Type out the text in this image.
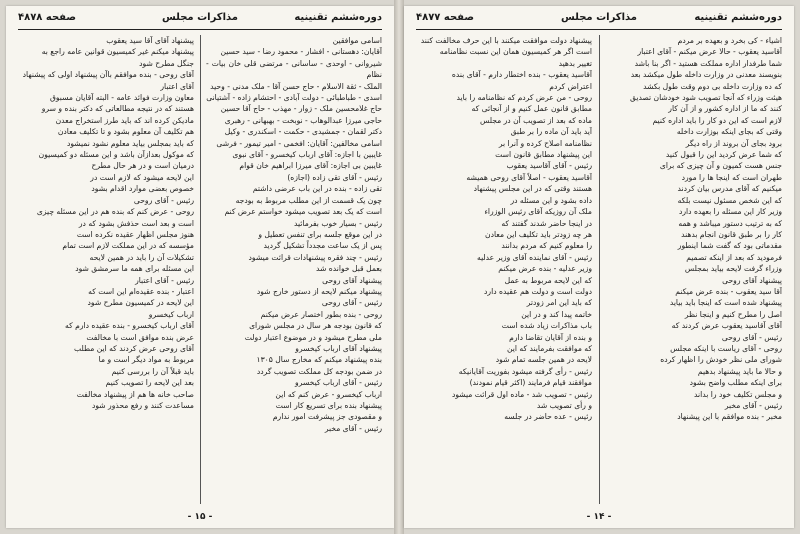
دوره‌ششم تقنینیه
مذاکرات مجلس
صفحه ۴۸۷۸

اسامی موافقین

آقایان: دهستانی - افشار - محمود رضا - سید حسین

شیروانی - اوحدی - ساسانی - مرتضی قلی خان بیات - نظام

الملک - ثقة الاسلام - حاج حسن آقا - ملک مدنی - وحید

اسدی - طباطبائی - دولت آبادی - احتشام زاده - آشتیانی

حاج غلامحسین ملک - زوار - مهذب - حاج آقا حسین

حاجی میرزا عبدالوهاب - نوبخت - بهبهانی - رهبری

دکتر لقمان - جمشیدی - حکمت - اسکندری - وکیل

اسامی مخالفین: آقایان: افخمی - امیر تیمور - فرشی

غایبین با اجازه: آقای ارباب کیخسرو - آقای نبوی

غایبین بی اجازه: آقای میرزا ابراهیم خان قوام

رئیس - آقای تقی زاده (اجازه)

تقی زاده - بنده در این باب عرضی داشتم

چون یک قسمت از این مطلب مربوط به بودجه

است که یک بعد تصویب میشود خواستم عرض کنم

رئیس - بسیار خوب بفرمائید

در این موقع جلسه برای تنفس تعطیل و

پس از یک ساعت مجدداً تشکیل گردید

رئیس - چند فقره پیشنهادات قرائت میشود

بعمل قبل خوانده شد

پیشنهاد آقای روحی

پیشنهاد میکنم لایحه از دستور خارج شود

رئیس - آقای روحی

روحی - بنده بطور اختصار عرض میکنم

که قانون بودجه هر سال در مجلس شورای

ملی مطرح میشود و در موضوع اعتبار دولت

پیشنهاد آقای ارباب کیخسرو

بنده پیشنهاد میکنم که مخارج سال ۱۳۰۵

در ضمن بودجه کل مملکت تصویب گردد

رئیس - آقای ارباب کیخسرو

ارباب کیخسرو - عرض کنم که این

پیشنهاد بنده برای تسریع کار است

و مقصودی جز پیشرفت امور ندارم

رئیس - آقای مخبر

پیشنهاد آقای آقا سید یعقوب

پیشنهاد میکنم غیر کمیسیون قوانین عامه راجع به

جنگل مطرح شود

آقای روحی - بنده موافقم باآن پیشنهاد اولی که پیشنهاد

آقای اعتبار

معاون وزارت فوائد عامه - البته آقایان مسبوق

هستند که در نتیجه مطالعاتی که دکتر بنده و سرو

مادیکن کرده اند که باید طرز استخراج معدن

هم تکلیف آن معلوم بشود و تا تکلیف معادن

که باید بمجلس بیاید معلوم نشود نمیشود

که موکول بعدازآن باشد و این مسئله دو کمیسیون

درمیان است و در هر حال مطرح

این لایحه میشود که لازم است در

خصوص بعضی موارد اقدام بشود

رئیس - آقای روحی

روحی - عرض کنم که بنده هم در این مسئله چیزی

است و بعد است حذفش بشود که در

هنوز مجلس اظهار عقیده نکرده است

مؤسسه که در این مملکت لازم است تمام

تشکیلات آن را باید در همین لایحه

این مسئله برای همه ما سرمشق شود

رئیس - آقای اعتبار

اعتبار - بنده عقیده‌ام این است که

این لایحه در کمیسیون مطرح شود

ارباب کیخسرو

آقای ارباب کیخسرو - بنده عقیده دارم که

عرض بنده موافق است با مخالفت

آقای روحی عرض کردند که این مطلب

مربوط به مواد دیگر است و ما

باید قبلاً آن را بررسی کنیم

بعد این لایحه را تصویب کنیم

صاحب خانه ها هم از پیشنهاد مخالفت

مساعدت کنند و رفع محذور شود

- ۱۵ -
دوره‌ششم تقنینیه
مذاکرات مجلس
صفحه ۴۸۷۷

اشیاء - کی بخرد و بعهده بر مردم

آقاسید یعقوب - حالا عرض میکنم - آقای اعتبار

شما طرفدار اداره مملکت هستید - اگر بنا باشد

بنویسند معدنی در وزارت داخله طول میکشد بعد

که ده وزارت داخله بی دوم وقت طول بکشد

هیئت وزراء که آنجا تصویب شود خودشان تصدیق

کنند که ما از اداره کشور و از آن کار

لازم است که این دو کار را باید اداره کنیم

وقتی که بجای اینکه بوزارت داخله

برود بجای آن بروند از راه دیگر

که شما عرض کردید این را قبول کنید

جنس هست کمیون و آن چیزی که برای

طهران است که اینجا ها را مورد

میکنیم که آقای مدرس بیان کردند

که این شخص مسئول نیست بلکه

وزیر کار این مسئله را بعهده دارد

که به ترتیب دستور میباشد و همه

کار را بر طبق قانون انجام بدهند

مقدماتی بود که گفت شما اینطور

فرمودید که بعد از اینکه تصمیم

وزراء گرفت لایحه بیاید بمجلس

پیشنهاد آقای روحی

آقا سید یعقوب - بنده عرض میکنم

پیشنهاد شده است که اینجا باید بیاید

اصل را مطرح کنیم و اینجا نظر

آقای آقاسید یعقوب عرض کردند که

رئیس - آقای روحی

روحی - آقای ریاست با اینکه مجلس

شورای ملی نظر خودش را اظهار کرده

و حالا ما باید پیشنهاد بدهیم

برای اینکه مطلب واضح بشود

و مجلس تکلیف خود را بداند

رئیس - آقای مخبر

مخبر - بنده موافقم با این پیشنهاد

پیشنهاد دولت موافقت میکنند با این حرف مخالفت کنند

است اگر هر کمیسیون همان این نسبت نظامنامه

تغییر بدهید

آقاسید یعقوب - بنده اختطار دارم - آقای بنده

اعتراض کردم

روحی - من عرض کردم که نظامنامه را باید

مطابق قانون عمل کنیم و از آنجائی که

ماده که بعد از تصویب آن در مجلس

آید باید آن ماده را بر طبق

نظامنامه اصلاح کرده و آنرا بر

این پیشنهاد مطابق قانون است

رئیس - آقای آقاسید یعقوب

آقاسید یعقوب - اصلاً آقای روحی همیشه

هستند وقتی که در این مجلس پیشنهاد

داده بشود و این مسئله در

ملک آن روزیکه آقای رئیس الوزراء

در اینجا حاضر شدند گفتند که

هر چه زودتر باید تکلیف این معادن

را معلوم کنیم که مردم بدانند

رئیس - آقای نماینده آقای وزیر عدلیه

وزیر عدلیه - بنده عرض میکنم

که این لایحه مربوط به عمل

دولت است و دولت هم عقیده دارد

که باید این امر زودتر

خاتمه پیدا کند و در این

باب مذاکرات زیاد شده است

و بنده از آقایان تقاضا دارم

که موافقت بفرمایند که این

لایحه در همین جلسه تمام شود

رئیس - رأی گرفته میشود بفوریت آقایانیکه

موافقند قیام فرمایند (اکثر قیام نمودند)

رئیس - تصویب شد - ماده اول قرائت میشود

و رأی تصویب شد

رئیس - عده حاضر در جلسه

- ۱۴ -
